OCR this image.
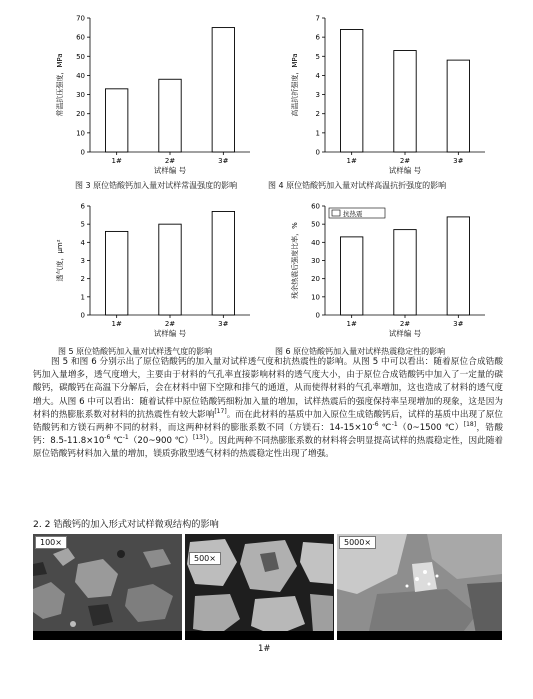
0
10
20
30
40
50
60
70
1#	2#	3#
试样编 号
常温抗压强度，MPa
0
1
2
3
4
5
6
7
1#	2#	3#
试样编 号
高温抗折强度，MPa
0
1
2
3
4
5
6
1#	2#	3#
试样编 号
透气度，μm²
0
10
20
30
40
50
60
1#	2#	3#
试样编 号
残余热震后强度比率，%
抗热震
图 3 原位锆酸钙加入量对试样常温强度的影响	图 4 原位锆酸钙加入量对试样高温抗折强度的影响
图 5 原位锆酸钙加入量对试样透气度的影响	图 6 原位锆酸钙加入量对试样热震稳定性的影响
图 5 和图 6 分别示出了原位锆酸钙的加入量对试样透气度和抗热震性的影响。从图 5 中可以看出：随着原位合成锆酸钙加入量増多，透气度増大，主要由于材料的气孔率直接影响材料的透气度大小，由于原位合成锆酸钙中加入了一定量的碳酸钙，碳酸钙在高温下分解后，会在材料中留下空隙和排气的通道，从而使得材料的气孔率増加，这也造成了材料的透气度増大。从图 6 中可以看出：随着试样中原位锆酸钙细粉加入量的増加，试样热震后的强度保持率呈现増加的现象，这是因为材料的热膨胀系数对材料的抗热震性有较大影响[17]。而在此材料的基质中加入原位生成锆酸钙后，试样的基质中出现了原位锆酸钙和方镁石两种不同的材料，而这两种材料的膨胀系数不同（方镁石：$14-15\times 10^{-6}$ ℃$^{-1}$（0~1500 ℃）[18]，锆酸钙：$8.5-11.8\times 10^{-6}$ ℃$^{-1}$（20~900 ℃）[13]）。因此两种不同热膨胀系数的材料将会明显提高试样的热震稳定性，因此随着原位锆酸钙材料加入量的増加，镁质弥散型透气材料的热震稳定性出现了増强。
2. 2 锆酸钙的加入形式对试样微观结构的影响
100×
500×
5000×
1#
